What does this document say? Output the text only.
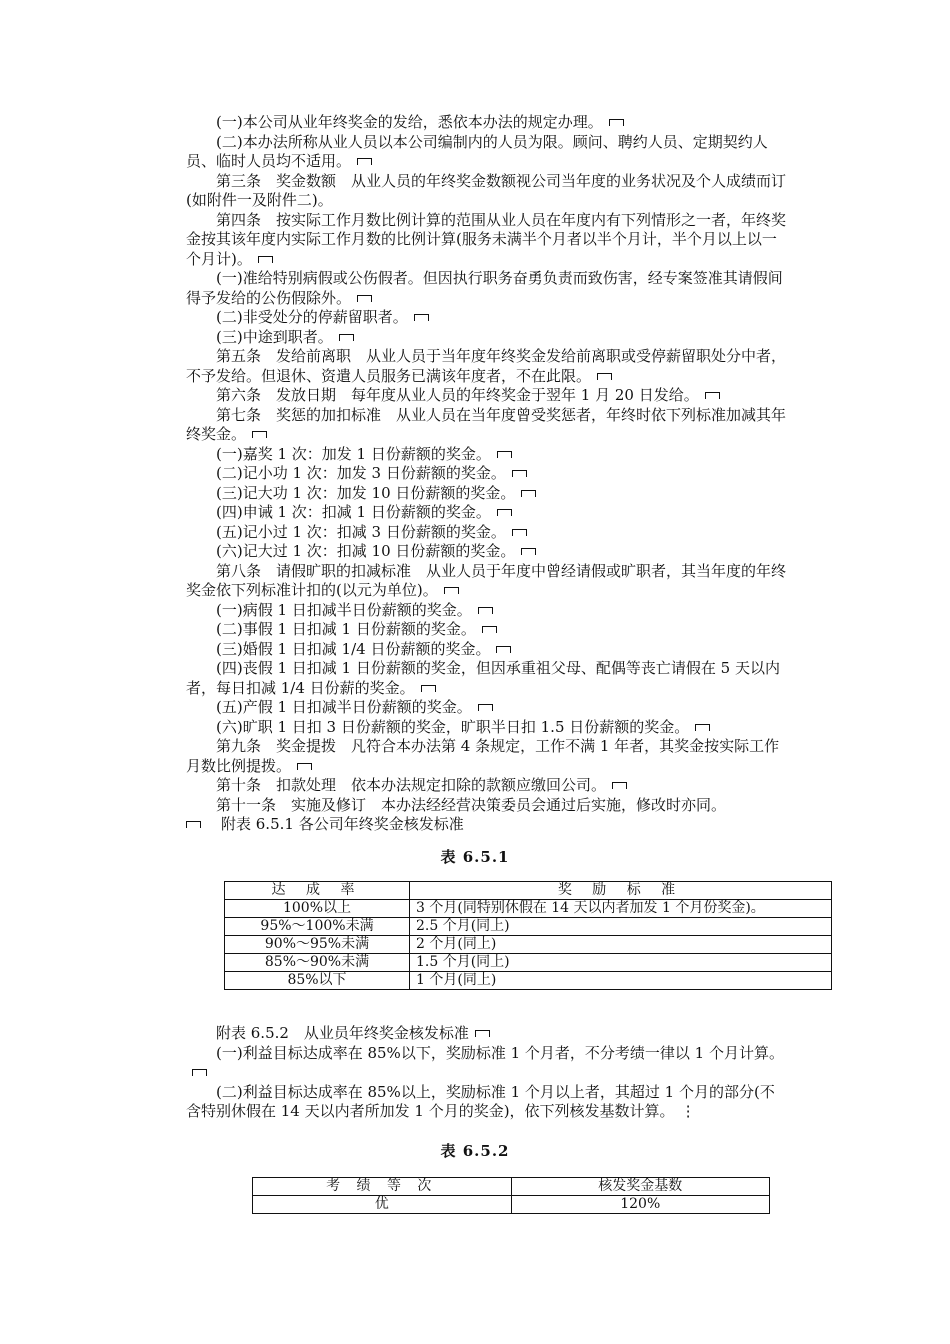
(一)本公司从业年终奖金的发给，悉依本办法的规定办理。

(二)本办法所称从业人员以本公司编制内的人员为限。顾问、聘约人员、定期契约人员、临时人员均不适用。

第三条　奖金数额　从业人员的年终奖金数额视公司当年度的业务状况及个人成绩而订(如附件一及附件二)。

第四条　按实际工作月数比例计算的范围从业人员在年度内有下列情形之一者，年终奖金按其该年度内实际工作月数的比例计算(服务未满半个月者以半个月计，半个月以上以一个月计)。

(一)准给特别病假或公伤假者。但因执行职务奋勇负责而致伤害，经专案签准其请假间得予发给的公伤假除外。

(二)非受处分的停薪留职者。

(三)中途到职者。

第五条　发给前离职　从业人员于当年度年终奖金发给前离职或受停薪留职处分中者，不予发给。但退休、资遣人员服务已满该年度者，不在此限。

第六条　发放日期　每年度从业人员的年终奖金于翌年 1 月 20 日发给。

第七条　奖惩的加扣标准　从业人员在当年度曾受奖惩者，年终时依下列标准加减其年终奖金。

(一)嘉奖 1 次：加发 1 日份薪额的奖金。

(二)记小功 1 次：加发 3 日份薪额的奖金。

(三)记大功 1 次：加发 10 日份薪额的奖金。

(四)申诫 1 次：扣减 1 日份薪额的奖金。

(五)记小过 1 次：扣减 3 日份薪额的奖金。

(六)记大过 1 次：扣减 10 日份薪额的奖金。

第八条　请假旷职的扣减标准　从业人员于年度中曾经请假或旷职者，其当年度的年终奖金依下列标准计扣的(以元为单位)。

(一)病假 1 日扣减半日份薪额的奖金。

(二)事假 1 日扣减 1 日份薪额的奖金。

(三)婚假 1 日扣减 1/4 日份薪额的奖金。

(四)丧假 1 日扣减 1 日份薪额的奖金，但因承重祖父母、配偶等丧亡请假在 5 天以内者，每日扣减 1/4 日份薪的奖金。

(五)产假 1 日扣减半日份薪额的奖金。

(六)旷职 1 日扣 3 日份薪额的奖金，旷职半日扣 1.5 日份薪额的奖金。

第九条　奖金提拨　凡符合本办法第 4 条规定，工作不满 1 年者，其奖金按实际工作月数比例提拨。

第十条　扣款处理　依本办法规定扣除的款额应缴回公司。

第十一条　实施及修订　本办法经经营决策委员会通过后实施，修改时亦同。

附表 6.5.1 各公司年终奖金核发标准

表 6.5.1
达 成 率	奖 励 标 准
100%以上	3 个月(同特别休假在 14 天以内者加发 1 个月份奖金)。
95%～100%未满	2.5 个月(同上)
90%～95%未满	2 个月(同上)
85%～90%未满	1.5 个月(同上)
85%以下	1 个月(同上)

附表 6.5.2　从业员年终奖金核发标准

(一)利益目标达成率在 85%以下，奖励标准 1 个月者，不分考绩一律以 1 个月计算。

(二)利益目标达成率在 85%以上，奖励标准 1 个月以上者，其超过 1 个月的部分(不含特别休假在 14 天以内者所加发 1 个月的奖金)，依下列核发基数计算。 ⋮

表 6.5.2
考 绩 等 次	核发奖金基数
优	120%
